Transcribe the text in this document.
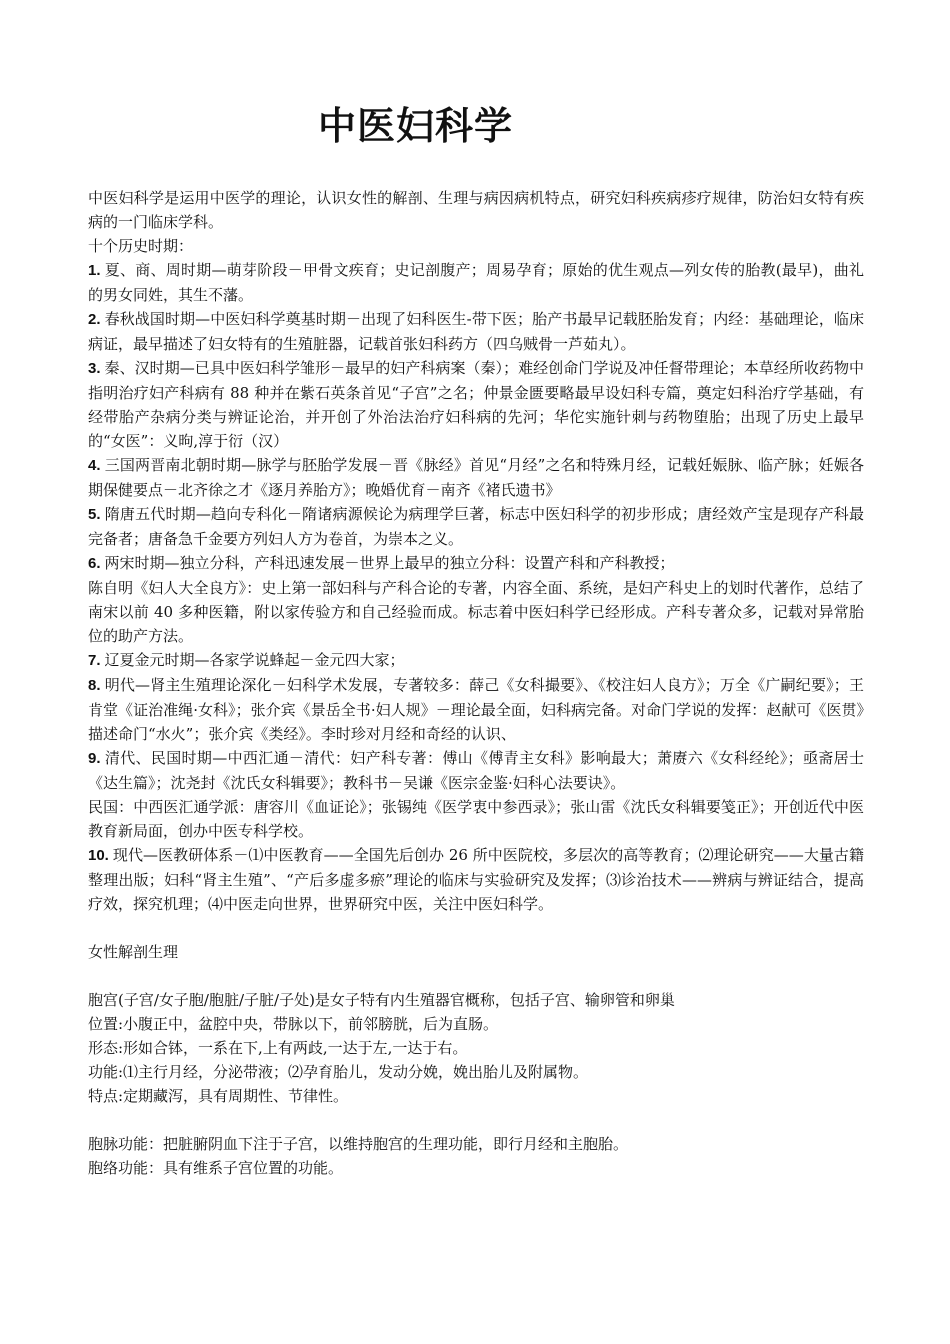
中医妇科学

中医妇科学是运用中医学的理论，认识女性的解剖、生理与病因病机特点，研究妇科疾病疹疗规律，防治妇女特有疾病的一门临床学科。

十个历史时期：

1. 夏、商、周时期—萌芽阶段－甲骨文疾育；史记剖腹产；周易孕育；原始的优生观点—列女传的胎教(最早)，曲礼的男女同姓，其生不藩。

2. 春秋战国时期—中医妇科学奠基时期－出现了妇科医生-带下医；胎产书最早记载胚胎发育；内经：基础理论，临床病证，最早描述了妇女特有的生殖脏器，记载首张妇科药方（四乌贼骨一芦茹丸）。

3. 秦、汉时期—已具中医妇科学雏形－最早的妇产科病案（秦）；难经创命门学说及冲任督带理论；本草经所收药物中指明治疗妇产科病有 88 种并在紫石英条首见“子宫”之名；仲景金匮要略最早设妇科专篇，奠定妇科治疗学基础，有经带胎产杂病分类与辨证论治，并开创了外治法治疗妇科病的先河；华佗实施针刺与药物堕胎；出现了历史上最早的“女医”：义昫,淳于衍（汉）

4. 三国两晋南北朝时期—脉学与胚胎学发展－晋《脉经》首见“月经”之名和特殊月经，记载妊娠脉、临产脉；妊娠各期保健要点－北齐徐之才《逐月养胎方》；晚婚优育－南齐《褚氏遗书》

5. 隋唐五代时期—趋向专科化－隋诸病源候论为病理学巨著，标志中医妇科学的初步形成；唐经效产宝是现存产科最完备者；唐备急千金要方列妇人方为卷首，为崇本之义。

6. 两宋时期—独立分科，产科迅速发展－世界上最早的独立分科：设置产科和产科教授；

陈自明《妇人大全良方》：史上第一部妇科与产科合论的专著，内容全面、系统，是妇产科史上的划时代著作，总结了南宋以前 40 多种医籍，附以家传验方和自己经验而成。标志着中医妇科学已经形成。产科专著众多，记载对异常胎位的助产方法。

7. 辽夏金元时期—各家学说蜂起－金元四大家；

8. 明代—肾主生殖理论深化－妇科学术发展，专著较多：薛己《女科撮要》、《校注妇人良方》；万全《广嗣纪要》；王肯堂《证治准绳·女科》；张介宾《景岳全书·妇人规》－理论最全面，妇科病完备。对命门学说的发挥：赵献可《医贯》描述命门“水火”；张介宾《类经》。李时珍对月经和奇经的认识、

9. 清代、民国时期—中西汇通－清代：妇产科专著：傅山《傅青主女科》影响最大；萧赓六《女科经纶》；亟斋居士《达生篇》；沈尧封《沈氏女科辑要》；教科书－吴谦《医宗金鉴·妇科心法要诀》。

民国：中西医汇通学派：唐容川《血证论》；张锡纯《医学衷中参西录》；张山雷《沈氏女科辑要笺正》；开创近代中医教育新局面，创办中医专科学校。

10. 现代—医教研体系－⑴中医教育——全国先后创办 26 所中医院校，多层次的高等教育；⑵理论研究——大量古籍整理出版；妇科“肾主生殖”、“产后多虚多瘀”理论的临床与实验研究及发挥；⑶诊治技术——辨病与辨证结合，提高疗效，探究机理；⑷中医走向世界，世界研究中医，关注中医妇科学。

女性解剖生理

胞宫(子宫/女子胞/胞脏/子脏/子处)是女子特有内生殖器官概称，包括子宫、输卵管和卵巢

位置:小腹正中，盆腔中央，带脉以下，前邻膀胱，后为直肠。

形态:形如合钵，一系在下,上有两歧,一达于左,一达于右。

功能:⑴主行月经，分泌带液；⑵孕育胎儿，发动分娩，娩出胎儿及附属物。

特点:定期藏泻，具有周期性、节律性。

胞脉功能：把脏腑阴血下注于子宫，以维持胞宫的生理功能，即行月经和主胞胎。

胞络功能：具有维系子宫位置的功能。
